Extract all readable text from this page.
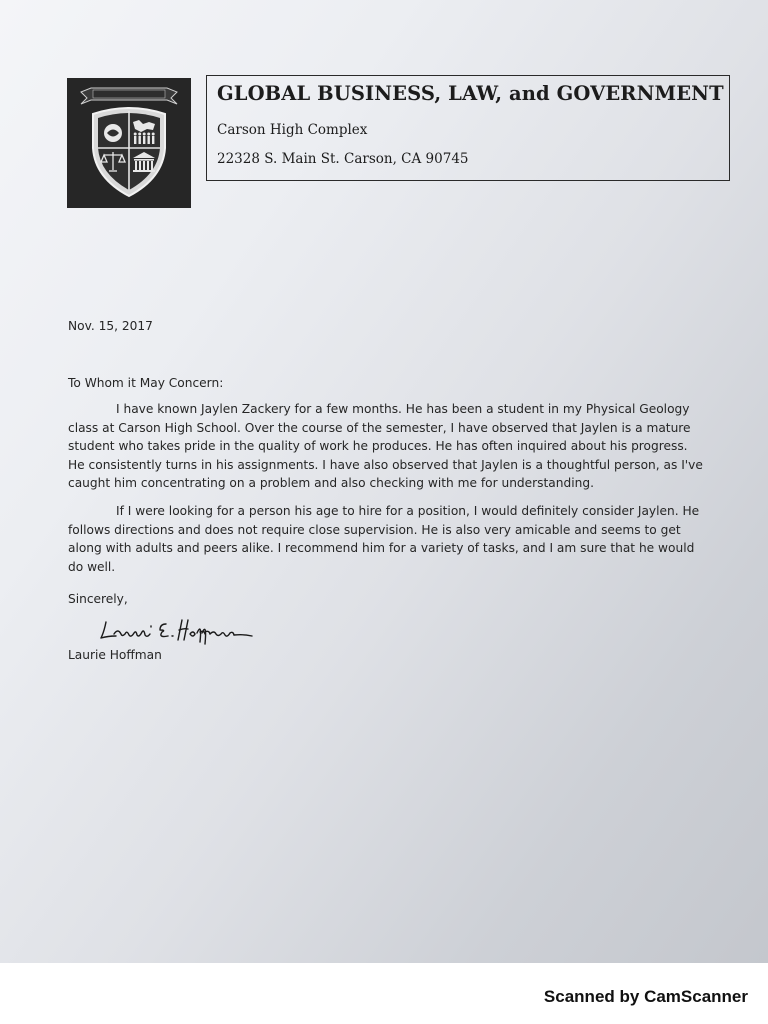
GLOBAL BUSINESS, LAW, and GOVERNMENT
Carson High Complex
22328 S. Main St. Carson, CA 90745
Nov. 15, 2017
To Whom it May Concern:

I have known Jaylen Zackery for a few months. He has been a student in my Physical Geology class at Carson High School. Over the course of the semester, I have observed that Jaylen is a mature student who takes pride in the quality of work he produces. He has often inquired about his progress. He consistently turns in his assignments. I have also observed that Jaylen is a thoughtful person, as I've caught him concentrating on a problem and also checking with me for understanding.

If I were looking for a person his age to hire for a position, I would definitely consider Jaylen. He follows directions and does not require close supervision. He is also very amicable and seems to get along with adults and peers alike. I recommend him for a variety of tasks, and I am sure that he would do well.

Sincerely,
Laurie Hoffman
Scanned by CamScanner
